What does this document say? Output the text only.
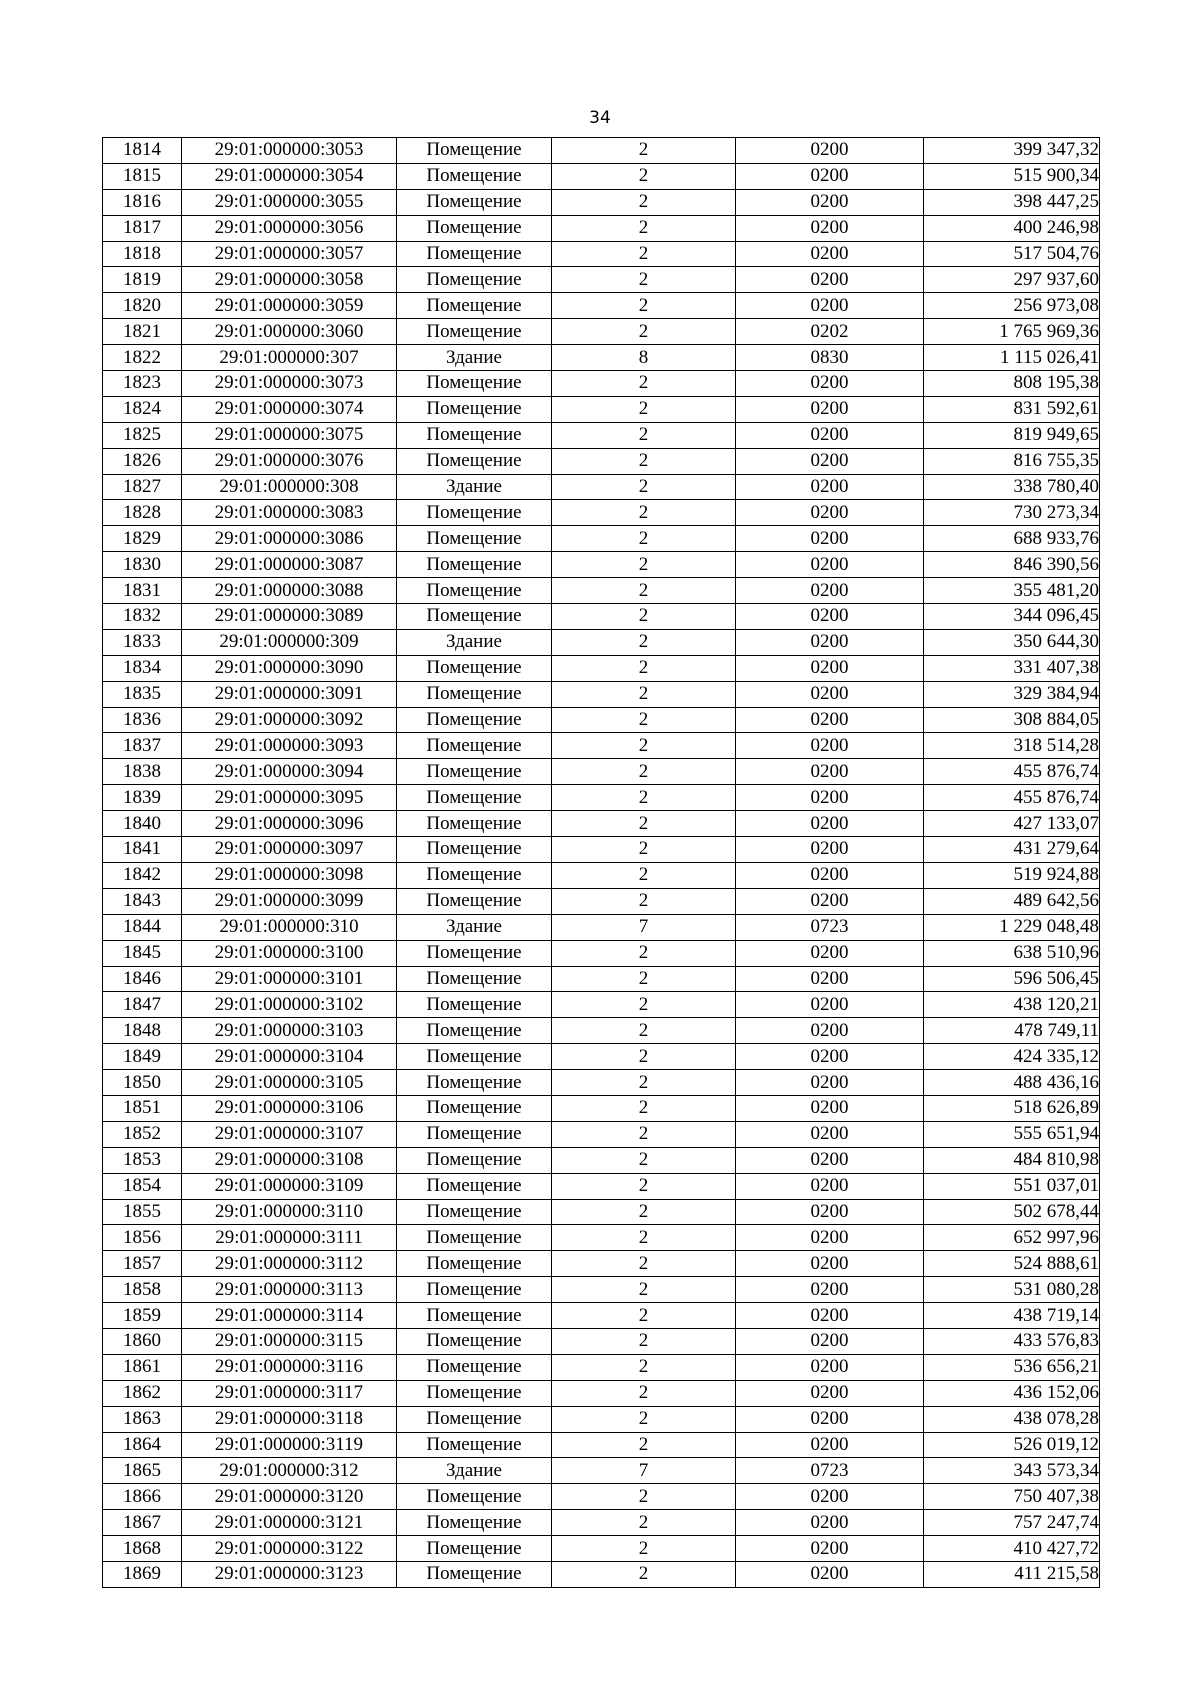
34
1814	29:01:000000:3053	Помещение	2	0200	399 347,32
1815	29:01:000000:3054	Помещение	2	0200	515 900,34
1816	29:01:000000:3055	Помещение	2	0200	398 447,25
1817	29:01:000000:3056	Помещение	2	0200	400 246,98
1818	29:01:000000:3057	Помещение	2	0200	517 504,76
1819	29:01:000000:3058	Помещение	2	0200	297 937,60
1820	29:01:000000:3059	Помещение	2	0200	256 973,08
1821	29:01:000000:3060	Помещение	2	0202	1 765 969,36
1822	29:01:000000:307	Здание	8	0830	1 115 026,41
1823	29:01:000000:3073	Помещение	2	0200	808 195,38
1824	29:01:000000:3074	Помещение	2	0200	831 592,61
1825	29:01:000000:3075	Помещение	2	0200	819 949,65
1826	29:01:000000:3076	Помещение	2	0200	816 755,35
1827	29:01:000000:308	Здание	2	0200	338 780,40
1828	29:01:000000:3083	Помещение	2	0200	730 273,34
1829	29:01:000000:3086	Помещение	2	0200	688 933,76
1830	29:01:000000:3087	Помещение	2	0200	846 390,56
1831	29:01:000000:3088	Помещение	2	0200	355 481,20
1832	29:01:000000:3089	Помещение	2	0200	344 096,45
1833	29:01:000000:309	Здание	2	0200	350 644,30
1834	29:01:000000:3090	Помещение	2	0200	331 407,38
1835	29:01:000000:3091	Помещение	2	0200	329 384,94
1836	29:01:000000:3092	Помещение	2	0200	308 884,05
1837	29:01:000000:3093	Помещение	2	0200	318 514,28
1838	29:01:000000:3094	Помещение	2	0200	455 876,74
1839	29:01:000000:3095	Помещение	2	0200	455 876,74
1840	29:01:000000:3096	Помещение	2	0200	427 133,07
1841	29:01:000000:3097	Помещение	2	0200	431 279,64
1842	29:01:000000:3098	Помещение	2	0200	519 924,88
1843	29:01:000000:3099	Помещение	2	0200	489 642,56
1844	29:01:000000:310	Здание	7	0723	1 229 048,48
1845	29:01:000000:3100	Помещение	2	0200	638 510,96
1846	29:01:000000:3101	Помещение	2	0200	596 506,45
1847	29:01:000000:3102	Помещение	2	0200	438 120,21
1848	29:01:000000:3103	Помещение	2	0200	478 749,11
1849	29:01:000000:3104	Помещение	2	0200	424 335,12
1850	29:01:000000:3105	Помещение	2	0200	488 436,16
1851	29:01:000000:3106	Помещение	2	0200	518 626,89
1852	29:01:000000:3107	Помещение	2	0200	555 651,94
1853	29:01:000000:3108	Помещение	2	0200	484 810,98
1854	29:01:000000:3109	Помещение	2	0200	551 037,01
1855	29:01:000000:3110	Помещение	2	0200	502 678,44
1856	29:01:000000:3111	Помещение	2	0200	652 997,96
1857	29:01:000000:3112	Помещение	2	0200	524 888,61
1858	29:01:000000:3113	Помещение	2	0200	531 080,28
1859	29:01:000000:3114	Помещение	2	0200	438 719,14
1860	29:01:000000:3115	Помещение	2	0200	433 576,83
1861	29:01:000000:3116	Помещение	2	0200	536 656,21
1862	29:01:000000:3117	Помещение	2	0200	436 152,06
1863	29:01:000000:3118	Помещение	2	0200	438 078,28
1864	29:01:000000:3119	Помещение	2	0200	526 019,12
1865	29:01:000000:312	Здание	7	0723	343 573,34
1866	29:01:000000:3120	Помещение	2	0200	750 407,38
1867	29:01:000000:3121	Помещение	2	0200	757 247,74
1868	29:01:000000:3122	Помещение	2	0200	410 427,72
1869	29:01:000000:3123	Помещение	2	0200	411 215,58
